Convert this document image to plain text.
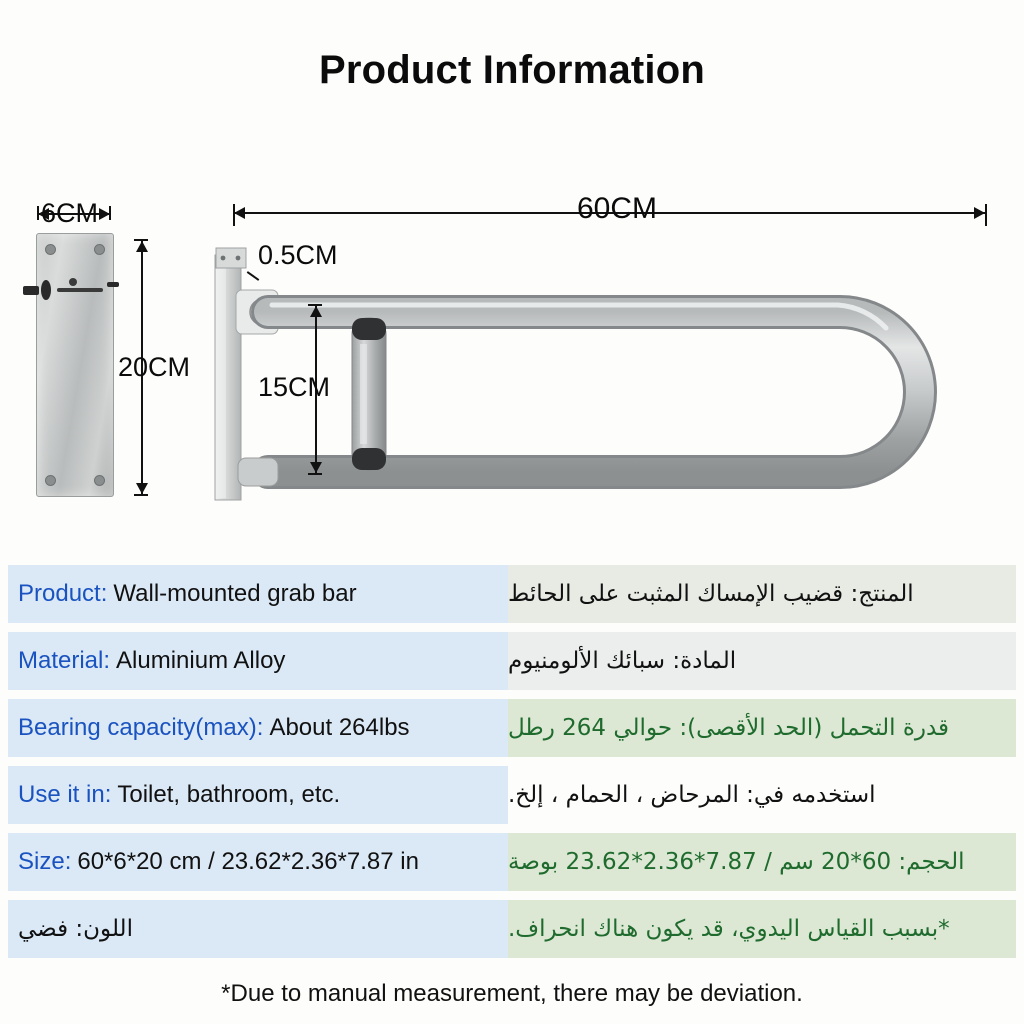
Product Information
6CM
20CM
60CM
0.5CM
15CM
Product: Wall-mounted grab bar	المنتج: قضيب الإمساك المثبت على الحائط
Material: Aluminium Alloy	المادة: سبائك الألومنيوم
Bearing capacity(max): About 264lbs	قدرة التحمل (الحد الأقصى): حوالي 264 رطل
Use it in: Toilet, bathroom, etc.	استخدمه في: المرحاض ، الحمام ، إلخ.
Size: 60*6*20 cm / 23.62*2.36*7.87 in	الحجم: 60*20 سم / 7.87*2.36*23.62 بوصة
اللون: فضي	*بسبب القياس اليدوي، قد يكون هناك انحراف.
*Due to manual measurement, there may be deviation.
